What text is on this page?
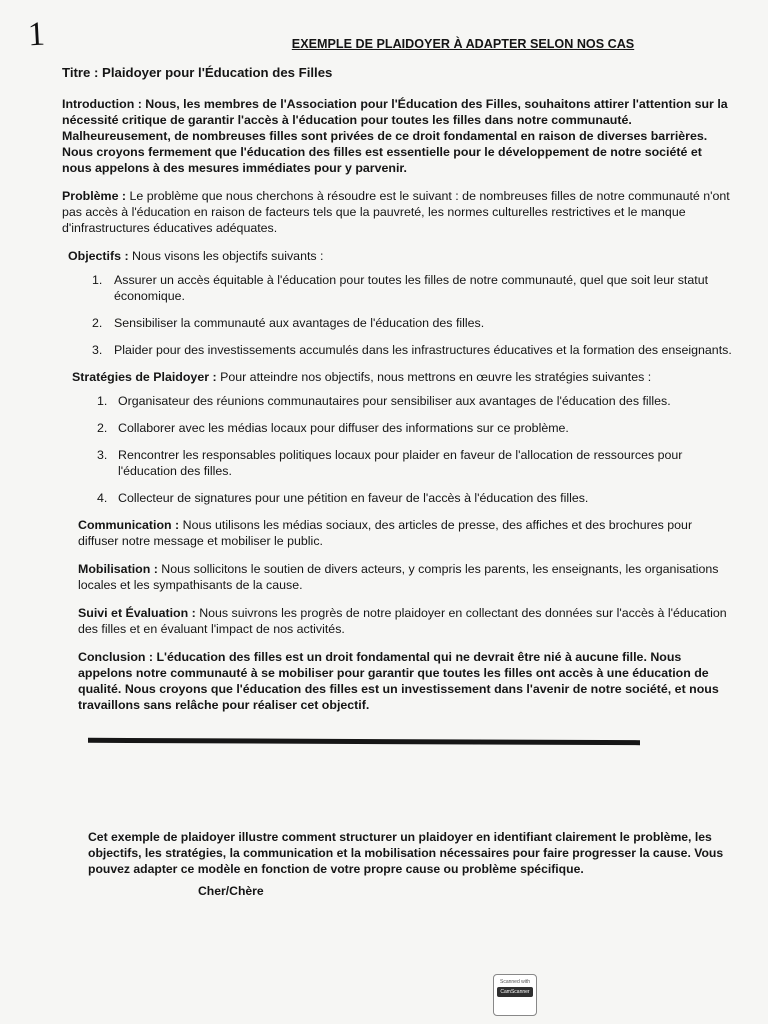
1	EXEMPLE DE PLAIDOYER À ADAPTER SELON NOS CAS

Titre : Plaidoyer pour l'Éducation des Filles

Introduction : Nous, les membres de l'Association pour l'Éducation des Filles, souhaitons attirer l'attention sur la nécessité critique de garantir l'accès à l'éducation pour toutes les filles dans notre communauté. Malheureusement, de nombreuses filles sont privées de ce droit fondamental en raison de diverses barrières. Nous croyons fermement que l'éducation des filles est essentielle pour le développement de notre société et nous appelons à des mesures immédiates pour y parvenir.

Problème : Le problème que nous cherchons à résoudre est le suivant : de nombreuses filles de notre communauté n'ont pas accès à l'éducation en raison de facteurs tels que la pauvreté, les normes culturelles restrictives et le manque d'infrastructures éducatives adéquates.

Objectifs : Nous visons les objectifs suivants :

1. Assurer un accès équitable à l'éducation pour toutes les filles de notre communauté, quel que soit leur statut économique.
2. Sensibiliser la communauté aux avantages de l'éducation des filles.
3. Plaider pour des investissements accumulés dans les infrastructures éducatives et la formation des enseignants.

Stratégies de Plaidoyer : Pour atteindre nos objectifs, nous mettrons en œuvre les stratégies suivantes :

1. Organisateur des réunions communautaires pour sensibiliser aux avantages de l'éducation des filles.
2. Collaborer avec les médias locaux pour diffuser des informations sur ce problème.
3. Rencontrer les responsables politiques locaux pour plaider en faveur de l'allocation de ressources pour l'éducation des filles.
4. Collecteur de signatures pour une pétition en faveur de l'accès à l'éducation des filles.

Communication : Nous utilisons les médias sociaux, des articles de presse, des affiches et des brochures pour diffuser notre message et mobiliser le public.

Mobilisation : Nous sollicitons le soutien de divers acteurs, y compris les parents, les enseignants, les organisations locales et les sympathisants de la cause.

Suivi et Évaluation : Nous suivrons les progrès de notre plaidoyer en collectant des données sur l'accès à l'éducation des filles et en évaluant l'impact de nos activités.

Conclusion : L'éducation des filles est un droit fondamental qui ne devrait être nié à aucune fille. Nous appelons notre communauté à se mobiliser pour garantir que toutes les filles ont accès à une éducation de qualité. Nous croyons que l'éducation des filles est un investissement dans l'avenir de notre société, et nous travaillons sans relâche pour réaliser cet objectif.

Cet exemple de plaidoyer illustre comment structurer un plaidoyer en identifiant clairement le problème, les objectifs, les stratégies, la communication et la mobilisation nécessaires pour faire progresser la cause. Vous pouvez adapter ce modèle en fonction de votre propre cause ou problème spécifique.

Cher/Chère

Scanned with
CamScanner
